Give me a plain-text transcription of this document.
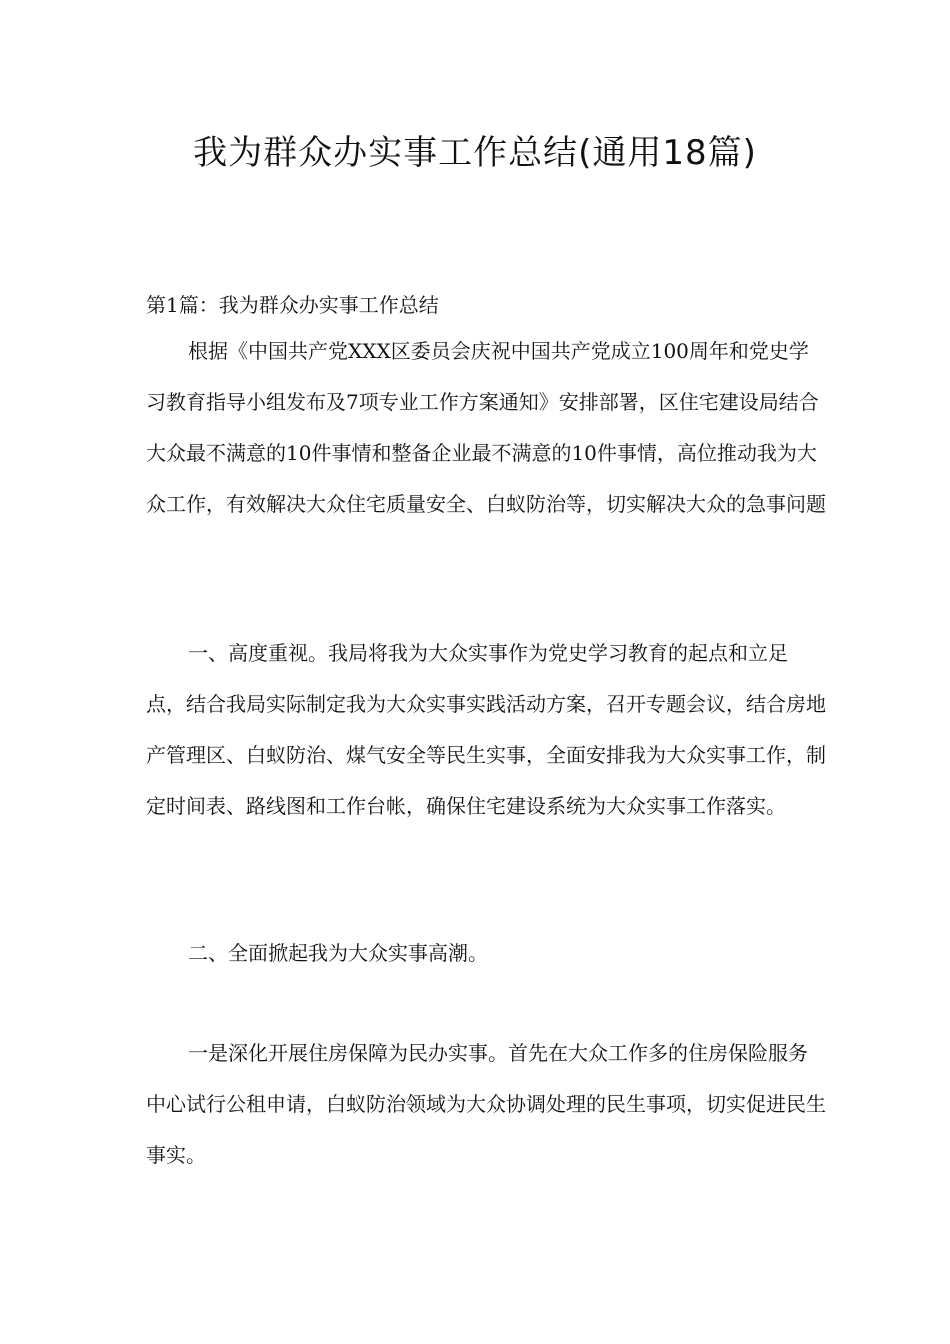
我为群众办实事工作总结(通用18篇)

第1篇：我为群众办实事工作总结

根据《中国共产党XXX区委员会庆祝中国共产党成立100周年和党史学习教育指导小组发布及7项专业工作方案通知》安排部署，区住宅建设局结合大众最不满意的10件事情和整备企业最不满意的10件事情，高位推动我为大众工作，有效解决大众住宅质量安全、白蚁防治等，切实解决大众的急事问题

一、高度重视。我局将我为大众实事作为党史学习教育的起点和立足点，结合我局实际制定我为大众实事实践活动方案，召开专题会议，结合房地产管理区、白蚁防治、煤气安全等民生实事，全面安排我为大众实事工作，制定时间表、路线图和工作台帐，确保住宅建设系统为大众实事工作落实。

二、全面掀起我为大众实事高潮。

一是深化开展住房保障为民办实事。首先在大众工作多的住房保险服务中心试行公租申请，白蚁防治领域为大众协调处理的民生事项，切实促进民生事实。
